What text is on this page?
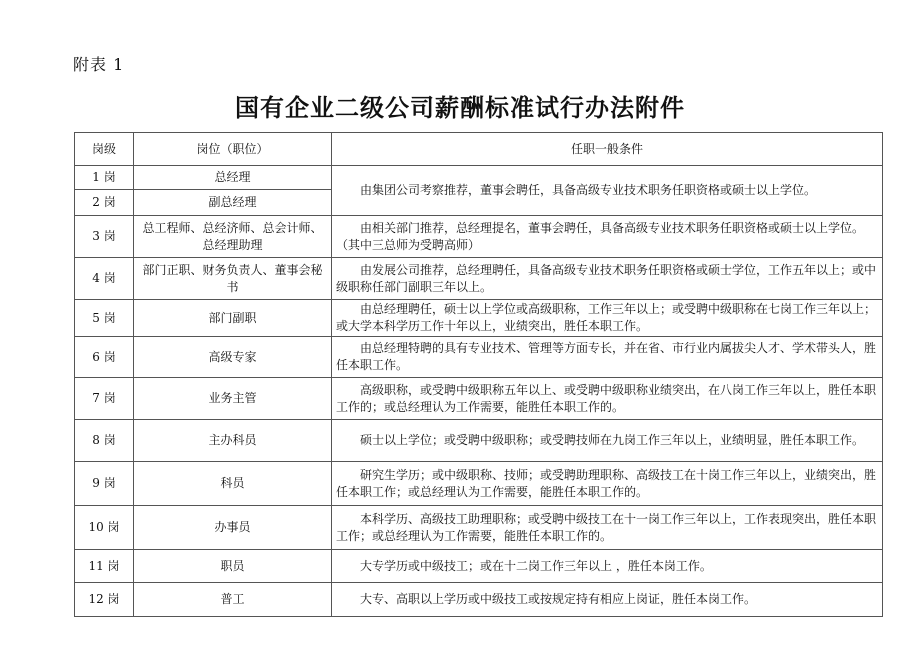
附表 1
国有企业二级公司薪酬标准试行办法附件
岗级	岗位（职位）	任职一般条件
1 岗	总经理	由集团公司考察推荐，董事会聘任，具备高级专业技术职务任职资格或硕士以上学位。

2 岗	副总经理	
3 岗	总工程师、总经济师、总会计师、总经理助理	由相关部门推荐，总经理提名，董事会聘任，具备高级专业技术职务任职资格或硕士以上学位。（其中三总师为受聘高师）

4 岗	部门正职、财务负责人、董事会秘书	由发展公司推荐，总经理聘任，具备高级专业技术职务任职资格或硕士学位，工作五年以上；或中级职称任部门副职三年以上。

5 岗	部门副职	由总经理聘任，硕士以上学位或高级职称，工作三年以上；或受聘中级职称在七岗工作三年以上；或大学本科学历工作十年以上，业绩突出，胜任本职工作。

6 岗	高级专家	由总经理特聘的具有专业技术、管理等方面专长，并在省、市行业内属拔尖人才、学术带头人，胜任本职工作。

7 岗	业务主管	高级职称，或受聘中级职称五年以上、或受聘中级职称业绩突出，在八岗工作三年以上，胜任本职工作的；或总经理认为工作需要，能胜任本职工作的。

8 岗	主办科员	硕士以上学位；或受聘中级职称；或受聘技师在九岗工作三年以上，业绩明显，胜任本职工作。

9 岗	科员	研究生学历；或中级职称、技师；或受聘助理职称、高级技工在十岗工作三年以上，业绩突出，胜任本职工作；或总经理认为工作需要，能胜任本职工作的。

10 岗	办事员	本科学历、高级技工助理职称；或受聘中级技工在十一岗工作三年以上，工作表现突出，胜任本职工作；或总经理认为工作需要，能胜任本职工作的。

11 岗	职员	大专学历或中级技工；或在十二岗工作三年以上 ，胜任本岗工作。

12 岗	普工	大专、高职以上学历或中级技工或按规定持有相应上岗证，胜任本岗工作。
